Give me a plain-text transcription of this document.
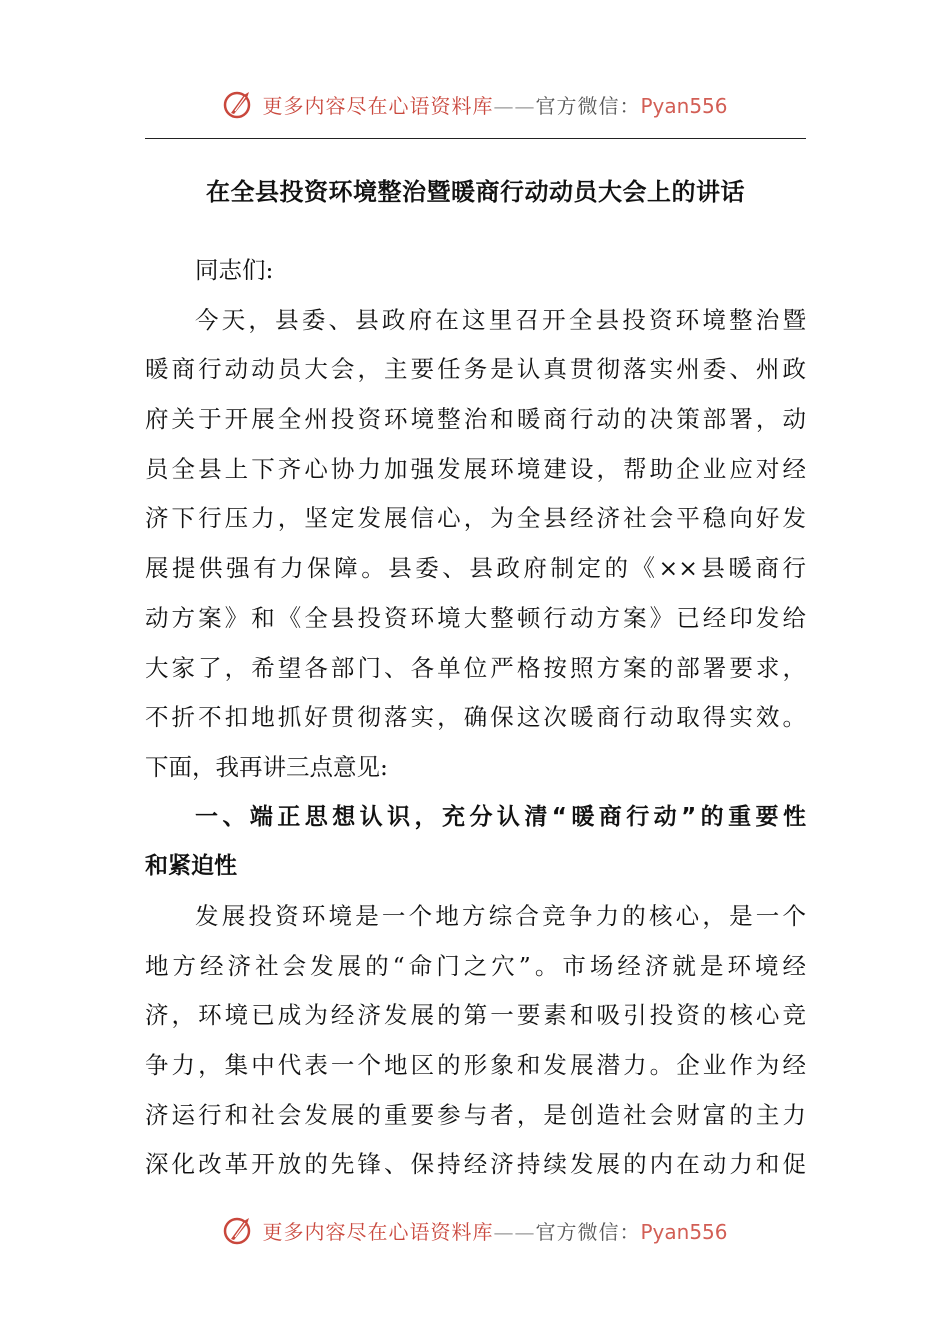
更多内容尽在心语资料库——官方微信：Pyan556
在全县投资环境整治暨暖商行动动员大会上的讲话
同志们:
今天，县委、县政府在这里召开全县投资环境整治暨
暖商行动动员大会，主要任务是认真贯彻落实州委、州政
府关于开展全州投资环境整治和暖商行动的决策部署，动
员全县上下齐心协力加强发展环境建设，帮助企业应对经
济下行压力，坚定发展信心，为全县经济社会平稳向好发
展提供强有力保障。县委、县政府制定的《××县暖商行
动方案》和《全县投资环境大整顿行动方案》已经印发给
大家了，希望各部门、各单位严格按照方案的部署要求，
不折不扣地抓好贯彻落实，确保这次暖商行动取得实效。
下面，我再讲三点意见:
一、端正思想认识，充分认清“暖商行动”的重要性
和紧迫性
发展投资环境是一个地方综合竞争力的核心，是一个
地方经济社会发展的“命门之穴”。市场经济就是环境经
济，环境已成为经济发展的第一要素和吸引投资的核心竞
争力，集中代表一个地区的形象和发展潜力。企业作为经
济运行和社会发展的重要参与者，是创造社会财富的主力
深化改革开放的先锋、保持经济持续发展的内在动力和促
更多内容尽在心语资料库——官方微信：Pyan556
